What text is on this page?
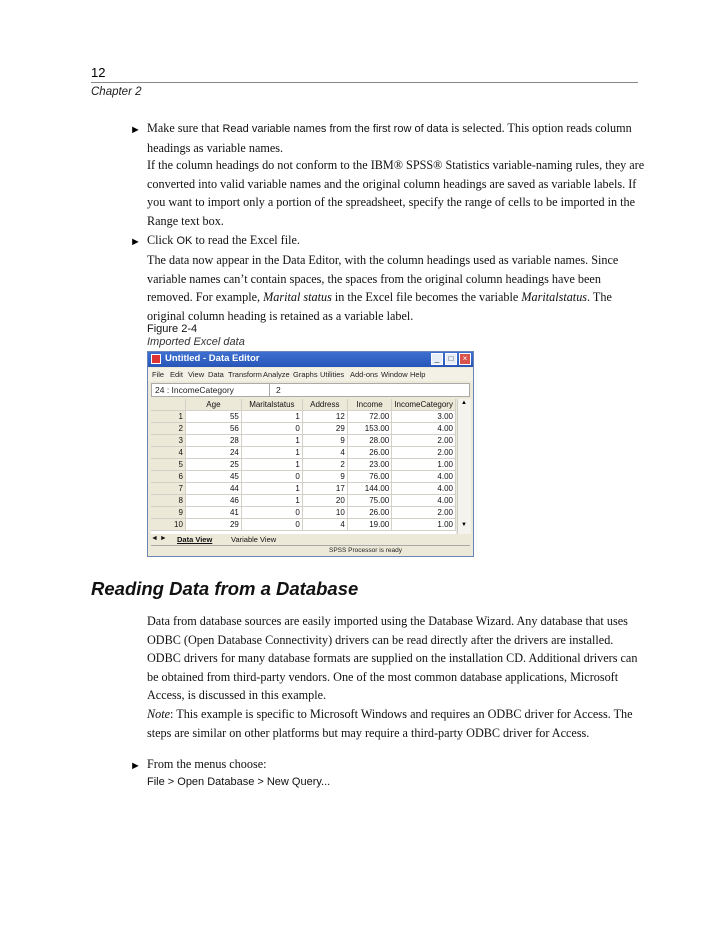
12
Chapter 2
► Make sure that Read variable names from the first row of data is selected. This option reads column headings as variable names.

If the column headings do not conform to the IBM® SPSS® Statistics variable-naming rules, they are converted into valid variable names and the original column headings are saved as variable labels. If you want to import only a portion of the spreadsheet, specify the range of cells to be imported in the Range text box.

► Click OK to read the Excel file.

The data now appear in the Data Editor, with the column headings used as variable names. Since variable names can’t contain spaces, the spaces from the original column headings have been removed. For example, Marital status in the Excel file becomes the variable Maritalstatus. The original column heading is retained as a variable label.

Figure 2-4
Imported Excel data
Untitled - Data Editor	_	□	×
File Edit View Data Transform Analyze Graphs Utilities Add-ons Window Help
24 : IncomeCategory	2
	Age	Maritalstatus	Address	Income	IncomeCategory
1	55	1	12	72.00	3.00
2	56	0	29	153.00	4.00
3	28	1	9	28.00	2.00
4	24	1	4	26.00	2.00
5	25	1	2	23.00	1.00
6	45	0	9	76.00	4.00
7	44	1	17	144.00	4.00
8	46	1	20	75.00	4.00
9	41	0	10	26.00	2.00
10	29	0	4	19.00	1.00
▲
▼
◄ ► Data View Variable View
SPSS Processor is ready
Reading Data from a Database

Data from database sources are easily imported using the Database Wizard. Any database that uses ODBC (Open Database Connectivity) drivers can be read directly after the drivers are installed. ODBC drivers for many database formats are supplied on the installation CD. Additional drivers can be obtained from third-party vendors. One of the most common database applications, Microsoft Access, is discussed in this example.

Note: This example is specific to Microsoft Windows and requires an ODBC driver for Access. The steps are similar on other platforms but may require a third-party ODBC driver for Access.

► From the menus choose:

File > Open Database > New Query...
